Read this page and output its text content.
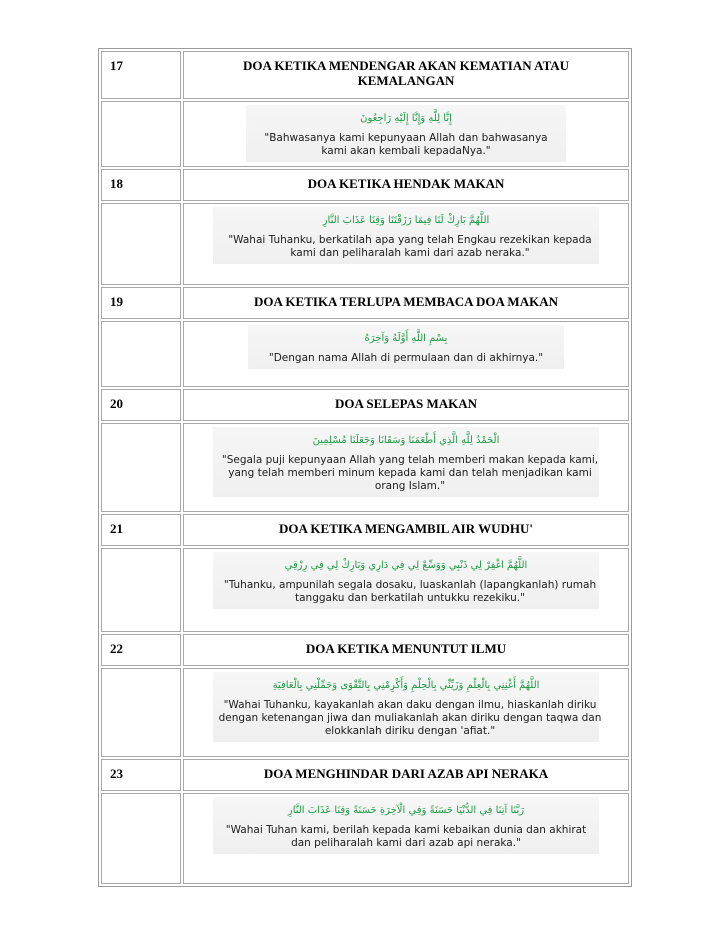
17	DOA KETIKA MENDENGAR AKAN KEMATIAN ATAU
KEMALANGAN

	إِنَّا لِلَّهِ وَإِنَّا إِلَيْهِ رَاجِعُونَ
"Bahwasanya kami kepunyaan Allah dan bahwasanya kami akan kembali kepadaNya."

18	DOA KETIKA HENDAK MAKAN

	اللَّهُمَّ بَارِكْ لَنَا فِيمَا رَزَقْتَنَا وَقِنَا عَذَابَ النَّارِ
"Wahai Tuhanku, berkatilah apa yang telah Engkau rezekikan kepada kami dan peliharalah kami dari azab neraka."

19	DOA KETIKA TERLUPA MEMBACA DOA MAKAN

	بِسْمِ اللَّهِ أَوَّلَهُ وَآخِرَهُ
"Dengan nama Allah di permulaan dan di akhirnya."

20	DOA SELEPAS MAKAN

	الْحَمْدُ لِلَّهِ الَّذِي أَطْعَمَنَا وَسَقَانَا وَجَعَلَنَا مُسْلِمِينَ
"Segala puji kepunyaan Allah yang telah memberi makan kepada kami, yang telah memberi minum kepada kami dan telah menjadikan kami orang Islam."

21	DOA KETIKA MENGAMBIL AIR WUDHU'

	اللَّهُمَّ اغْفِرْ لِي ذَنْبِي وَوَسِّعْ لِي فِي دَارِي وَبَارِكْ لِي فِي رِزْقِي
"Tuhanku, ampunilah segala dosaku, luaskanlah (lapangkanlah) rumah tanggaku dan berkatilah untukku rezekiku."

22	DOA KETIKA MENUNTUT ILMU

	اللَّهُمَّ أَغْنِنِي بِالْعِلْمِ وَزَيِّنِّي بِالْحِلْمِ وَأَكْرِمْنِي بِالتَّقْوَى وَجَمِّلْنِي بِالْعَافِيَةِ
"Wahai Tuhanku, kayakanlah akan daku dengan ilmu, hiaskanlah diriku dengan ketenangan jiwa dan muliakanlah akan diriku dengan taqwa dan elokkanlah diriku dengan 'afiat."

23	DOA MENGHINDAR DARI AZAB API NERAKA

	رَبَّنَا آتِنَا فِي الدُّنْيَا حَسَنَةً وَفِي الْآخِرَةِ حَسَنَةً وَقِنَا عَذَابَ النَّارِ
"Wahai Tuhan kami, berilah kepada kami kebaikan dunia dan akhirat dan peliharalah kami dari azab api neraka."
